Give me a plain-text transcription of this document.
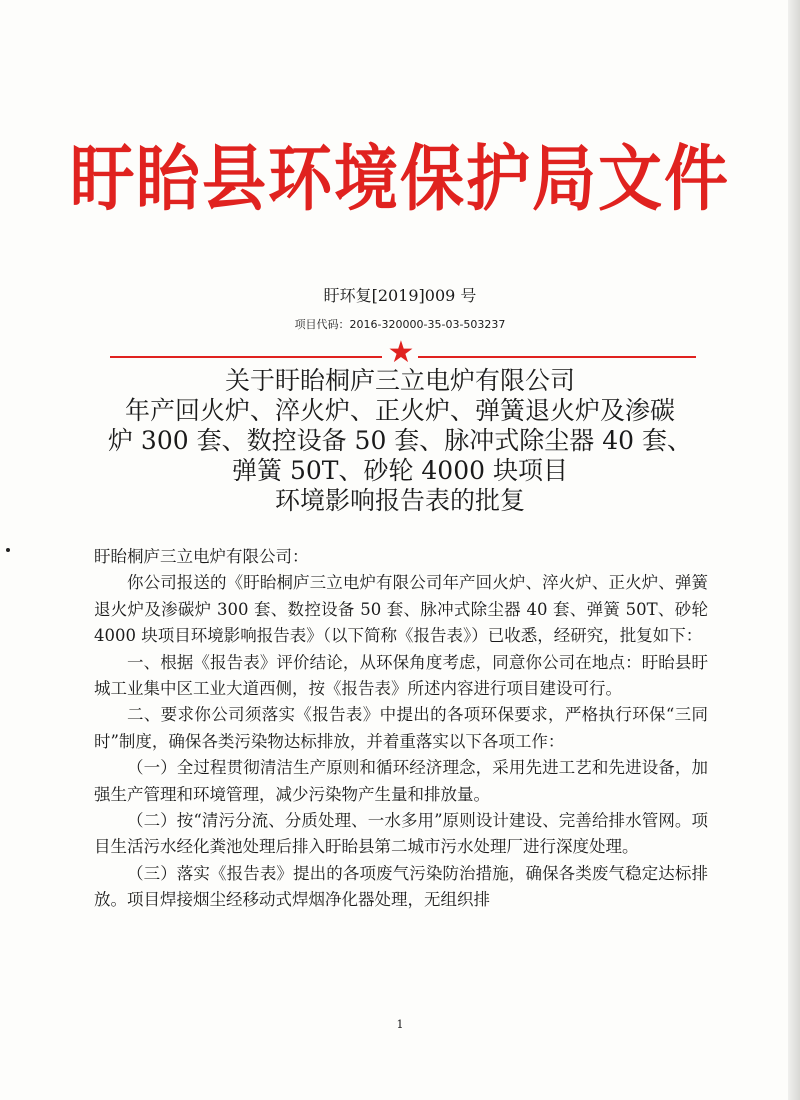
盱眙县环境保护局文件
盱环复[2019]009 号
项目代码：2016-320000-35-03-503237
★
关于盱眙桐庐三立电炉有限公司
年产回火炉、淬火炉、正火炉、弹簧退火炉及渗碳
炉 300 套、数控设备 50 套、脉冲式除尘器 40 套、
弹簧 50T、砂轮 4000 块项目
环境影响报告表的批复

盱眙桐庐三立电炉有限公司：

你公司报送的《盱眙桐庐三立电炉有限公司年产回火炉、淬火炉、正火炉、弹簧退火炉及渗碳炉 300 套、数控设备 50 套、脉冲式除尘器 40 套、弹簧 50T、砂轮 4000 块项目环境影响报告表》（以下简称《报告表》）已收悉，经研究，批复如下：

一、根据《报告表》评价结论，从环保角度考虑，同意你公司在地点：盱眙县盱城工业集中区工业大道西侧，按《报告表》所述内容进行项目建设可行。

二、要求你公司须落实《报告表》中提出的各项环保要求，严格执行环保“三同时”制度，确保各类污染物达标排放，并着重落实以下各项工作：

（一）全过程贯彻清洁生产原则和循环经济理念，采用先进工艺和先进设备，加强生产管理和环境管理，减少污染物产生量和排放量。

（二）按“清污分流、分质处理、一水多用”原则设计建设、完善给排水管网。项目生活污水经化粪池处理后排入盱眙县第二城市污水处理厂进行深度处理。

（三）落实《报告表》提出的各项废气污染防治措施，确保各类废气稳定达标排放。项目焊接烟尘经移动式焊烟净化器处理，无组织排

1
